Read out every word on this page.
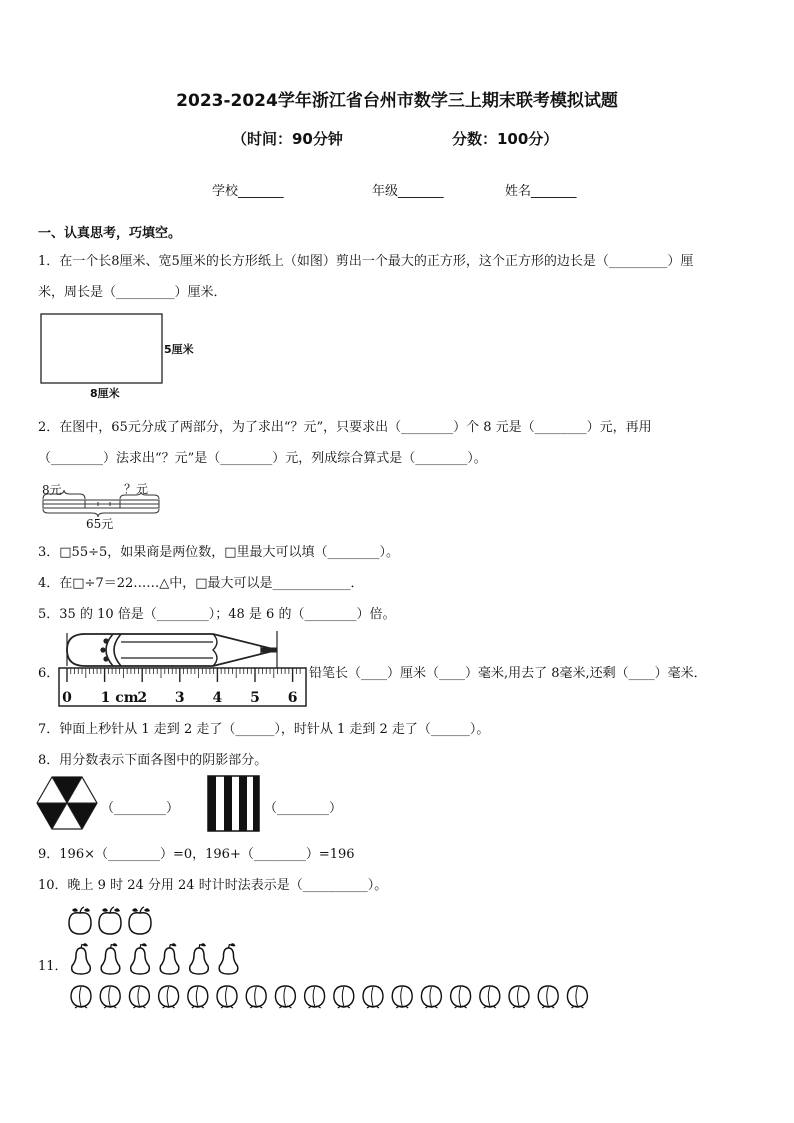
2023-2024学年浙江省台州市数学三上期末联考模拟试题
（时间：90分钟	分数：100分）
学校_______	年级_______	姓名_______
一、认真思考，巧填空。
1．在一个长8厘米、宽5厘米的长方形纸上（如图）剪出一个最大的正方形，这个正方形的边长是（_________）厘
米，周长是（_________）厘米．
5厘米
8厘米
2．在图中，65元分成了两部分，为了求出“？元”，只要求出（________）个 8 元是（________）元，再用
（________）法求出“？元”是（________）元，列成综合算式是（________）。
8元	？元
65元
3．□55÷5，如果商是两位数，□里最大可以填（________）。
4．在□÷7＝22……△中，□最大可以是____________．
5．35 的 10 倍是（________）；48 是 6 的（________）倍。
6．
0 1 cm
2 3 4 5 6
铅笔长（____）厘米（____）毫米,用去了 8毫米,还剩（____）毫米．
7．钟面上秒针从 1 走到 2 走了（______），时针从 1 走到 2 走了（______）。
8．用分数表示下面各图中的阴影部分。
（________）	（________）
9．196×（________）=0，196+（________）=196
10．晚上 9 时 24 分用 24 时计时法表示是（__________）。
11．
